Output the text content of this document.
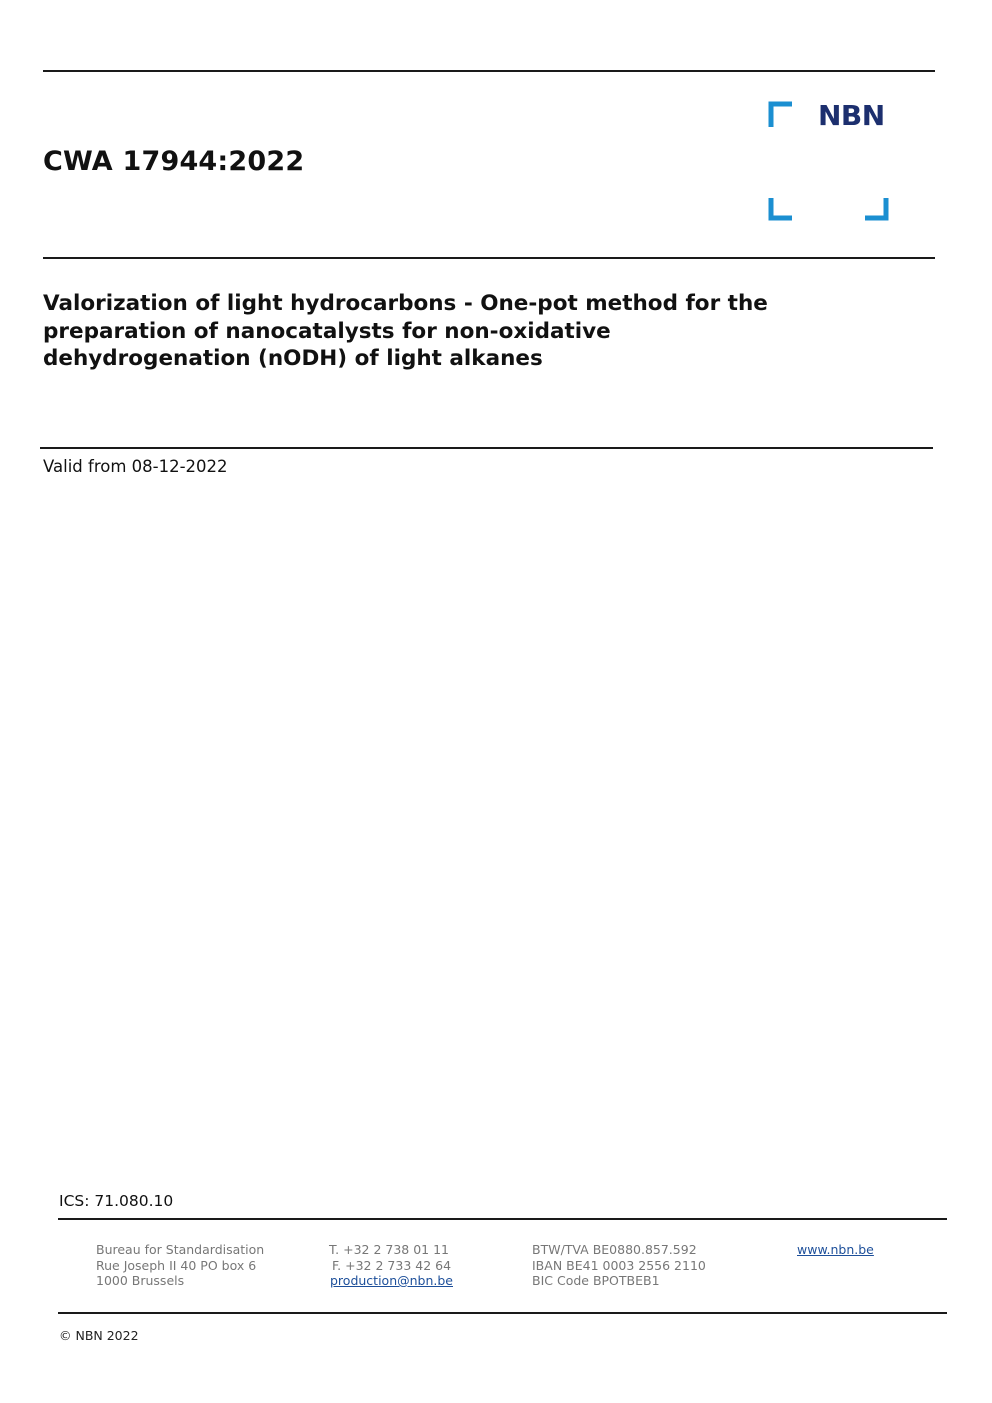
CWA 17944:2022
NBN
Valorization of light hydrocarbons - One-pot method for the
preparation of nanocatalysts for non-oxidative
dehydrogenation (nODH) of light alkanes
Valid from 08-12-2022
ICS: 71.080.10
Bureau for Standardisation
Rue Joseph II 40 PO box 6
1000 Brussels
T. +32 2 738 01 11
F. +32 2 733 42 64
production@nbn.be
BTW/TVA BE0880.857.592
IBAN BE41 0003 2556 2110
BIC Code BPOTBEB1
www.nbn.be
© NBN 2022
